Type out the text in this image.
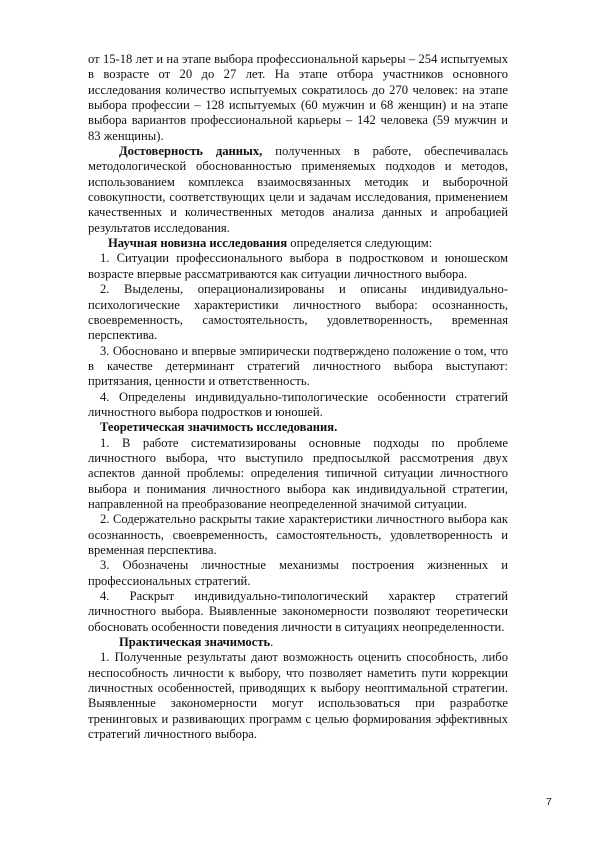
от 15-18 лет и на этапе выбора профессиональной карьеры – 254 испытуемых в возрасте от 20 до 27 лет. На этапе отбора участников основного исследования количество испытуемых сократилось до 270 человек: на этапе выбора профессии – 128 испытуемых (60 мужчин и 68 женщин) и на этапе выбора вариантов профессиональной карьеры – 142 человека (59 мужчин и 83 женщины).

Достоверность данных, полученных в работе, обеспечивалась методологической обоснованностью применяемых подходов и методов, использованием комплекса взаимосвязанных методик и выборочной совокупности, соответствующих цели и задачам исследования, применением качественных и количественных методов анализа данных и апробацией результатов исследования.

Научная новизна исследования определяется следующим:

1. Ситуации профессионального выбора в подростковом и юношеском возрасте впервые рассматриваются как ситуации личностного выбора.

2. Выделены, операционализированы и описаны индивидуально-психологические характеристики личностного выбора: осознанность, своевременность, самостоятельность, удовлетворенность, временная перспектива.

3. Обосновано и впервые эмпирически подтверждено положение о том, что в качестве детерминант стратегий личностного выбора выступают: притязания, ценности и ответственность.

4. Определены индивидуально-типологические особенности стратегий личностного выбора подростков и юношей.

Теоретическая значимость исследования.

1. В работе систематизированы основные подходы по проблеме личностного выбора, что выступило предпосылкой рассмотрения двух аспектов данной проблемы: определения типичной ситуации личностного выбора и понимания личностного выбора как индивидуальной стратегии, направленной на преобразование неопределенной значимой ситуации.

2. Содержательно раскрыты такие характеристики личностного выбора как осознанность, своевременность, самостоятельность, удовлетворенность и временная перспектива.

3. Обозначены личностные механизмы построения жизненных и профессиональных стратегий.

4. Раскрыт индивидуально-типологический характер стратегий личностного выбора. Выявленные закономерности позволяют теоретически обосновать особенности поведения личности в ситуациях неопределенности.

Практическая значимость.

1. Полученные результаты дают возможность оценить способность, либо неспособность личности к выбору, что позволяет наметить пути коррекции личностных особенностей, приводящих к выбору неоптимальной стратегии. Выявленные закономерности могут использоваться при разработке тренинговых и развивающих программ с целью формирования эффективных стратегий личностного выбора.

7
